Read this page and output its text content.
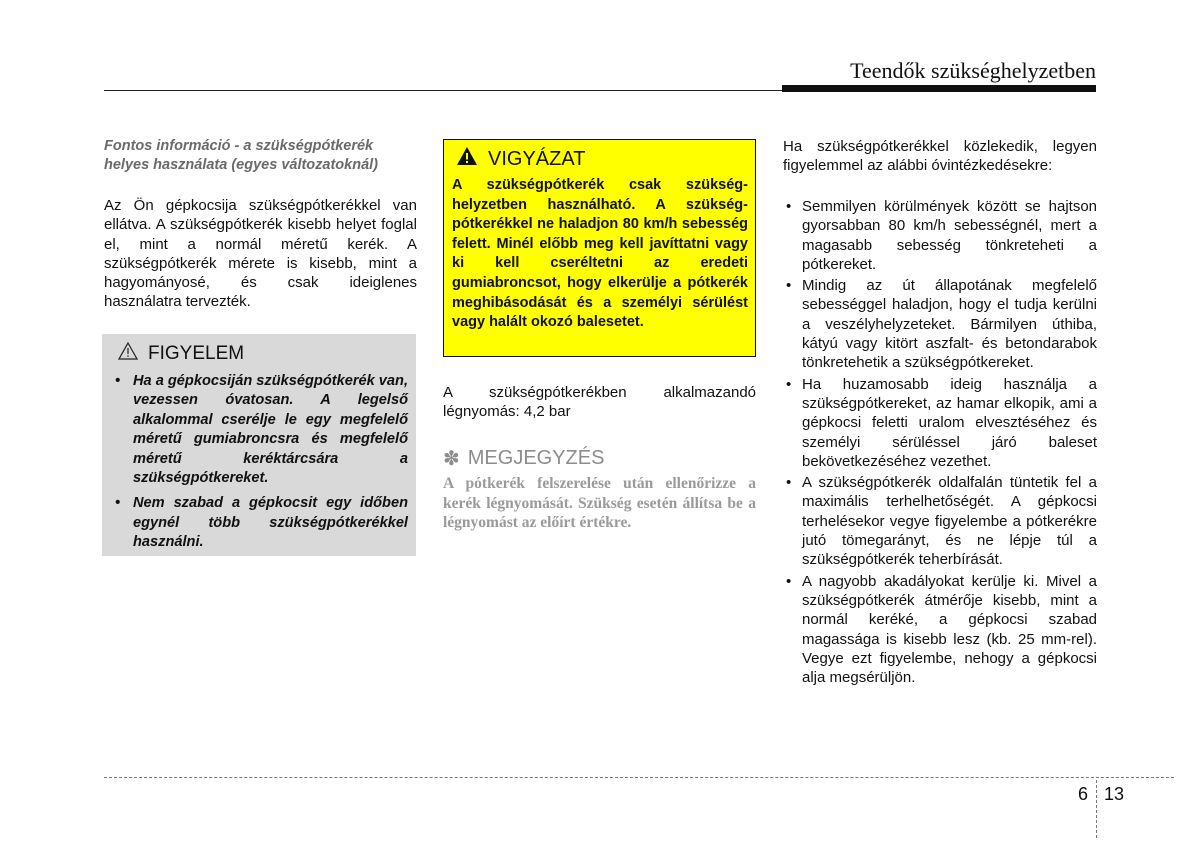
Teendők szükséghelyzetben
Fontos információ - a szükségpótkerék helyes használata (egyes változatoknál)
Az Ön gépkocsija szükségpótkerékkel van ellátva. A szükségpótkerék kisebb helyet foglal el, mint a normál méretű kerék. A szükségpótkerék mérete is kisebb, mint a hagyományosé, és csak ideiglenes használatra tervezték.
FIGYELEM
• Ha a gépkocsiján szükségpótkerék van, vezessen óvatosan. A legelső alkalommal cserélje le egy megfelelő méretű gumiabroncsra és megfelelő méretű keréktárcsára a szükségpótkereket.
• Nem szabad a gépkocsit egy időben egynél több szükségpótkerékkel használni.
VIGYÁZAT
A szükségpótkerék csak szükséghelyzetben használható. A szükségpótkerékkel ne haladjon 80 km/h sebesség felett. Minél előbb meg kell javíttatni vagy ki kell cseréltetni az eredeti gumiabroncsot, hogy elkerülje a pótkerék meghibásodását és a személyi sérülést vagy halált okozó balesetet.
A szükségpótkerékben alkalmazandó légnyomás: 4,2 bar
✽ MEGJEGYZÉS
A pótkerék felszerelése után ellenőrizze a kerék légnyomását. Szükség esetén állítsa be a légnyomást az előírt értékre.
Ha szükségpótkerékkel közlekedik, legyen figyelemmel az alábbi óvintézkedésekre:
• Semmilyen körülmények között se hajtson gyorsabban 80 km/h sebességnél, mert a magasabb sebesség tönkreteheti a pótkereket.
• Mindig az út állapotának megfelelő sebességgel haladjon, hogy el tudja kerülni a veszélyhelyzeteket. Bármilyen úthiba, kátyú vagy kitört aszfalt- és betondarabok tönkretehetik a szükségpótkereket.
• Ha huzamosabb ideig használja a szükségpótkereket, az hamar elkopik, ami a gépkocsi feletti uralom elvesztéséhez és személyi sérüléssel járó baleset bekövetkezéséhez vezethet.
• A szükségpótkerék oldalfalán tüntetik fel a maximális terhelhetőségét. A gépkocsi terhelésekor vegye figyelembe a pótkerékre jutó tömegarányt, és ne lépje túl a szükségpótkerék teherbírását.
• A nagyobb akadályokat kerülje ki. Mivel a szükségpótkerék átmérője kisebb, mint a normál keréké, a gépkocsi szabad magassága is kisebb lesz (kb. 25 mm-rel). Vegye ezt figyelembe, nehogy a gépkocsi alja megsérüljön.
6 13
